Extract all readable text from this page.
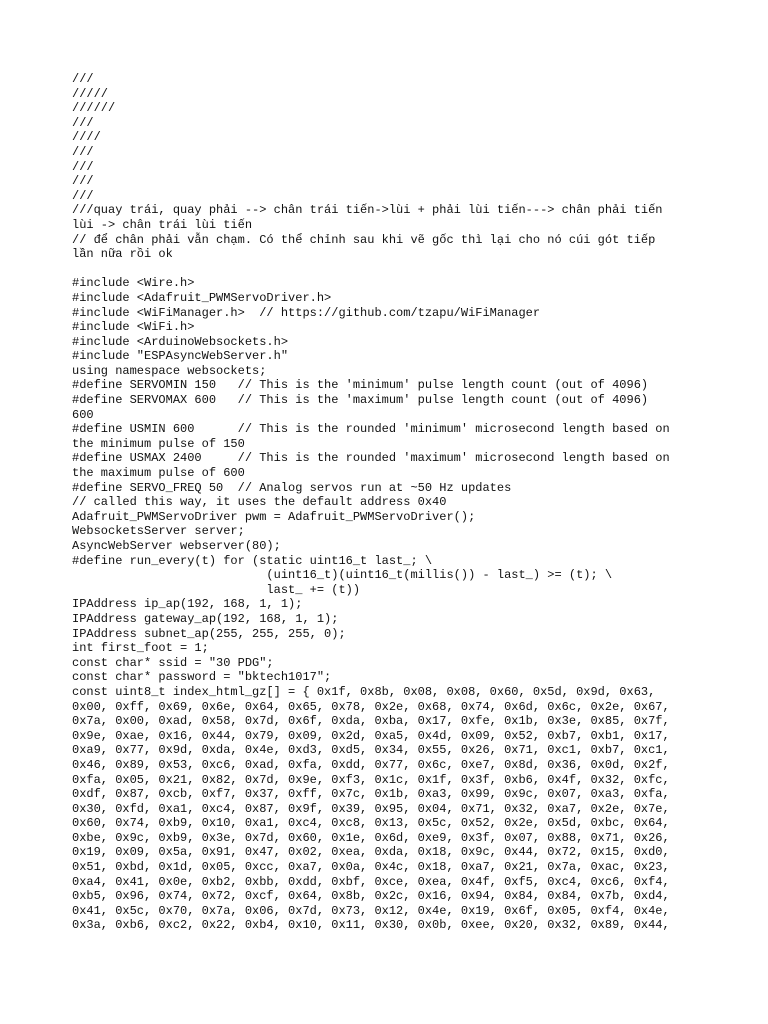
///
/////
//////
///
////
///
///
///
///
///quay trái, quay phải --> chân trái tiến->lùi + phải lùi tiến---> chân phải tiến
lùi -> chân trái lùi tiến
// để chân phải vẫn chạm. Có thể chỉnh sau khi vẽ gốc thì lại cho nó cúi gót tiếp
lần nữa rồi ok
#include <Wire.h>
#include <Adafruit_PWMServoDriver.h>
#include <WiFiManager.h>  // https://github.com/tzapu/WiFiManager
#include <WiFi.h>
#include <ArduinoWebsockets.h>
#include "ESPAsyncWebServer.h"
using namespace websockets;
#define SERVOMIN 150   // This is the 'minimum' pulse length count (out of 4096)
#define SERVOMAX 600   // This is the 'maximum' pulse length count (out of 4096)
600
#define USMIN 600      // This is the rounded 'minimum' microsecond length based on
the minimum pulse of 150
#define USMAX 2400     // This is the rounded 'maximum' microsecond length based on
the maximum pulse of 600
#define SERVO_FREQ 50  // Analog servos run at ~50 Hz updates
// called this way, it uses the default address 0x40
Adafruit_PWMServoDriver pwm = Adafruit_PWMServoDriver();
WebsocketsServer server;
AsyncWebServer webserver(80);
#define run_every(t) for (static uint16_t last_; \
(uint16_t)(uint16_t(millis()) - last_) >= (t); \
last_ += (t))
IPAddress ip_ap(192, 168, 1, 1);
IPAddress gateway_ap(192, 168, 1, 1);
IPAddress subnet_ap(255, 255, 255, 0);
int first_foot = 1;
const char* ssid = "30 PDG";
const char* password = "bktech1017";
const uint8_t index_html_gz[] = { 0x1f, 0x8b, 0x08, 0x08, 0x60, 0x5d, 0x9d, 0x63,
0x00, 0xff, 0x69, 0x6e, 0x64, 0x65, 0x78, 0x2e, 0x68, 0x74, 0x6d, 0x6c, 0x2e, 0x67,
0x7a, 0x00, 0xad, 0x58, 0x7d, 0x6f, 0xda, 0xba, 0x17, 0xfe, 0x1b, 0x3e, 0x85, 0x7f,
0x9e, 0xae, 0x16, 0x44, 0x79, 0x09, 0x2d, 0xa5, 0x4d, 0x09, 0x52, 0xb7, 0xb1, 0x17,
0xa9, 0x77, 0x9d, 0xda, 0x4e, 0xd3, 0xd5, 0x34, 0x55, 0x26, 0x71, 0xc1, 0xb7, 0xc1,
0x46, 0x89, 0x53, 0xc6, 0xad, 0xfa, 0xdd, 0x77, 0x6c, 0xe7, 0x8d, 0x36, 0x0d, 0x2f,
0xfa, 0x05, 0x21, 0x82, 0x7d, 0x9e, 0xf3, 0x1c, 0x1f, 0x3f, 0xb6, 0x4f, 0x32, 0xfc,
0xdf, 0x87, 0xcb, 0xf7, 0x37, 0xff, 0x7c, 0x1b, 0xa3, 0x99, 0x9c, 0x07, 0xa3, 0xfa,
0x30, 0xfd, 0xa1, 0xc4, 0x87, 0x9f, 0x39, 0x95, 0x04, 0x71, 0x32, 0xa7, 0x2e, 0x7e,
0x60, 0x74, 0xb9, 0x10, 0xa1, 0xc4, 0xc8, 0x13, 0x5c, 0x52, 0x2e, 0x5d, 0xbc, 0x64,
0xbe, 0x9c, 0xb9, 0x3e, 0x7d, 0x60, 0x1e, 0x6d, 0xe9, 0x3f, 0x07, 0x88, 0x71, 0x26,
0x19, 0x09, 0x5a, 0x91, 0x47, 0x02, 0xea, 0xda, 0x18, 0x9c, 0x44, 0x72, 0x15, 0xd0,
0x51, 0xbd, 0x1d, 0x05, 0xcc, 0xa7, 0x0a, 0x4c, 0x18, 0xa7, 0x21, 0x7a, 0xac, 0x23,
0xa4, 0x41, 0x0e, 0xb2, 0xbb, 0xdd, 0xbf, 0xce, 0xea, 0x4f, 0xf5, 0xc4, 0xc6, 0xf4,
0xb5, 0x96, 0x74, 0x72, 0xcf, 0x64, 0x8b, 0x2c, 0x16, 0x94, 0x84, 0x84, 0x7b, 0xd4,
0x41, 0x5c, 0x70, 0x7a, 0x06, 0x7d, 0x73, 0x12, 0x4e, 0x19, 0x6f, 0x05, 0xf4, 0x4e,
0x3a, 0xb6, 0xc2, 0x22, 0xb4, 0x10, 0x11, 0x30, 0x0b, 0xee, 0x20, 0x32, 0x89, 0x44,
